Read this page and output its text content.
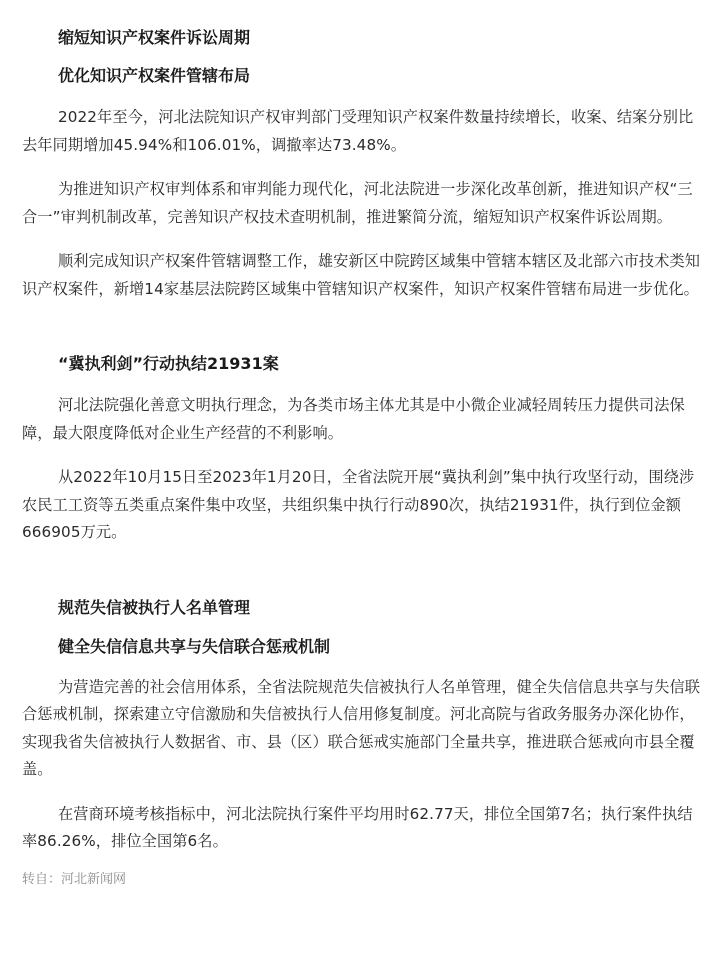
缩短知识产权案件诉讼周期

优化知识产权案件管辖布局

2022年至今，河北法院知识产权审判部门受理知识产权案件数量持续增长，收案、结案分别比去年同期增加45.94%和106.01%，调撤率达73.48%。

为推进知识产权审判体系和审判能力现代化，河北法院进一步深化改革创新，推进知识产权“三合一”审判机制改革，完善知识产权技术查明机制，推进繁简分流，缩短知识产权案件诉讼周期。

顺利完成知识产权案件管辖调整工作，雄安新区中院跨区域集中管辖本辖区及北部六市技术类知识产权案件，新增14家基层法院跨区域集中管辖知识产权案件，知识产权案件管辖布局进一步优化。

“冀执利剑”行动执结21931案

河北法院强化善意文明执行理念，为各类市场主体尤其是中小微企业减轻周转压力提供司法保障，最大限度降低对企业生产经营的不利影响。

从2022年10月15日至2023年1月20日，全省法院开展“冀执利剑”集中执行攻坚行动，围绕涉农民工工资等五类重点案件集中攻坚，共组织集中执行行动890次，执结21931件，执行到位金额666905万元。

规范失信被执行人名单管理

健全失信信息共享与失信联合惩戒机制

为营造完善的社会信用体系，全省法院规范失信被执行人名单管理，健全失信信息共享与失信联合惩戒机制，探索建立守信激励和失信被执行人信用修复制度。河北高院与省政务服务办深化协作，实现我省失信被执行人数据省、市、县（区）联合惩戒实施部门全量共享，推进联合惩戒向市县全覆盖。

在营商环境考核指标中，河北法院执行案件平均用时62.77天，排位全国第7名；执行案件执结率86.26%，排位全国第6名。

转自：河北新闻网
